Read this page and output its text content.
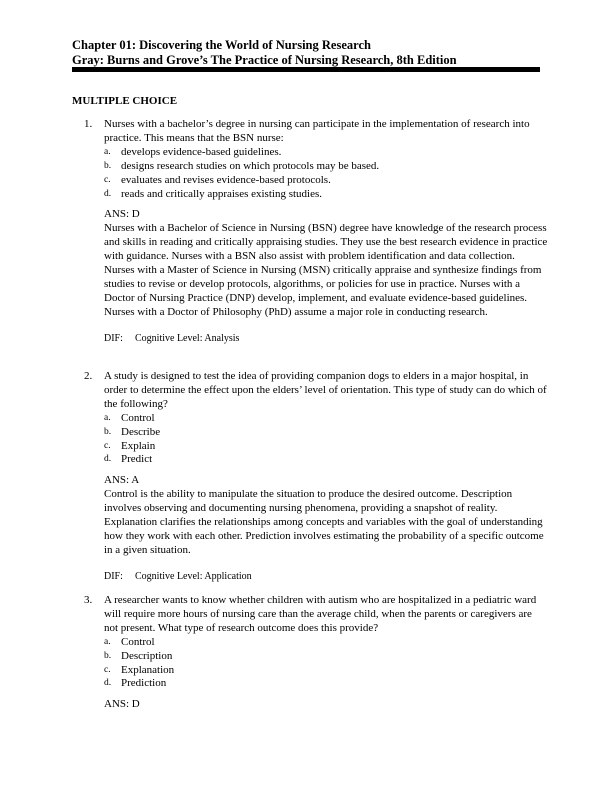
Chapter 01: Discovering the World of Nursing Research
Gray: Burns and Grove’s The Practice of Nursing Research, 8th Edition
MULTIPLE CHOICE
1.	Nurses with a bachelor’s degree in nursing can participate in the implementation of research into practice. This means that the BSN nurse:
a. develops evidence-based guidelines.
b. designs research studies on which protocols may be based.
c. evaluates and revises evidence-based protocols.
d. reads and critically appraises existing studies.
ANS: D
Nurses with a Bachelor of Science in Nursing (BSN) degree have knowledge of the research process and skills in reading and critically appraising studies. They use the best research evidence in practice with guidance. Nurses with a BSN also assist with problem identification and data collection. Nurses with a Master of Science in Nursing (MSN) critically appraise and synthesize findings from studies to revise or develop protocols, algorithms, or policies for use in practice. Nurses with a Doctor of Nursing Practice (DNP) develop, implement, and evaluate evidence-based guidelines. Nurses with a Doctor of Philosophy (PhD) assume a major role in conducting research.
DIF: Cognitive Level: Analysis
2.	A study is designed to test the idea of providing companion dogs to elders in a major hospital, in order to determine the effect upon the elders’ level of orientation. This type of study can do which of the following?
a. Control
b. Describe
c. Explain
d. Predict
ANS: A
Control is the ability to manipulate the situation to produce the desired outcome. Description involves observing and documenting nursing phenomena, providing a snapshot of reality. Explanation clarifies the relationships among concepts and variables with the goal of understanding how they work with each other. Prediction involves estimating the probability of a specific outcome in a given situation.
DIF: Cognitive Level: Application
3.	A researcher wants to know whether children with autism who are hospitalized in a pediatric ward will require more hours of nursing care than the average child, when the parents or caregivers are not present. What type of research outcome does this provide?
a. Control
b. Description
c. Explanation
d. Prediction
ANS: D
